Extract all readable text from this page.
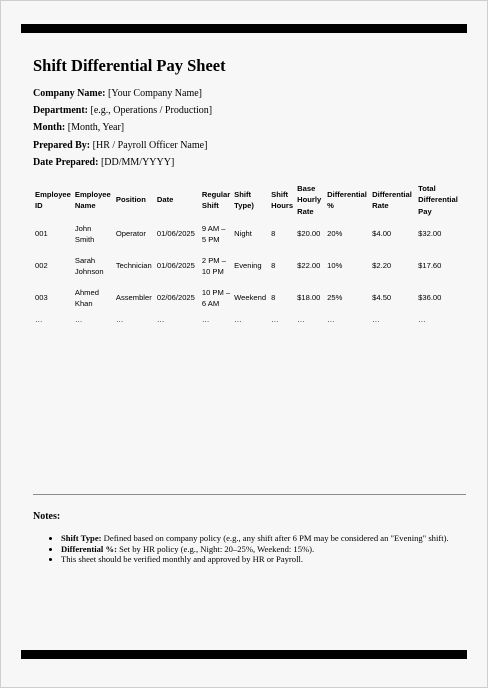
Shift Differential Pay Sheet
Company Name: [Your Company Name]
Department: [e.g., Operations / Production]
Month: [Month, Year]
Prepared By: [HR / Payroll Officer Name]
Date Prepared: [DD/MM/YYYY]
Employee ID	Employee Name	Position	Date	Regular Shift	Shift Type)	Shift Hours	Base Hourly Rate	Differential %	Differential Rate	Total Differential Pay
001	John Smith	Operator	01/06/2025	9 AM – 5 PM	Night	8	$20.00	20%	$4.00	$32.00
002	Sarah Johnson	Technician	01/06/2025	2 PM – 10 PM	Evening	8	$22.00	10%	$2.20	$17.60
003	Ahmed Khan	Assembler	02/06/2025	10 PM – 6 AM	Weekend	8	$18.00	25%	$4.50	$36.00
…	…	…	…	…	…	…	…	…	…	…
Notes:
• Shift Type: Defined based on company policy (e.g., any shift after 6 PM may be considered an "Evening" shift).
• Differential %: Set by HR policy (e.g., Night: 20–25%, Weekend: 15%).
• This sheet should be verified monthly and approved by HR or Payroll.
